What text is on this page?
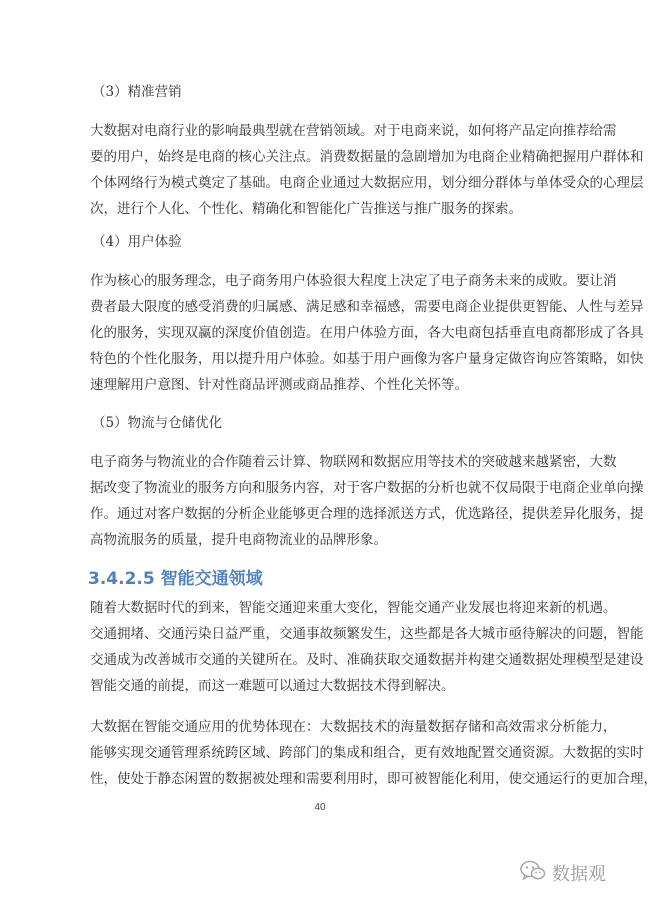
（3）精准营销
大数据对电商行业的影响最典型就在营销领域。对于电商来说，如何将产品定向推荐给需
要的用户，始终是电商的核心关注点。消费数据量的急剧增加为电商企业精确把握用户群体和
个体网络行为模式奠定了基础。电商企业通过大数据应用，划分细分群体与单体受众的心理层
次，进行个人化、个性化、精确化和智能化广告推送与推广服务的探索。
（4）用户体验
作为核心的服务理念，电子商务用户体验很大程度上决定了电子商务未来的成败。要让消
费者最大限度的感受消费的归属感、满足感和幸福感，需要电商企业提供更智能、人性与差异
化的服务，实现双赢的深度价值创造。在用户体验方面，各大电商包括垂直电商都形成了各具
特色的个性化服务，用以提升用户体验。如基于用户画像为客户量身定做咨询应答策略，如快
速理解用户意图、针对性商品评测或商品推荐、个性化关怀等。
（5）物流与仓储优化
电子商务与物流业的合作随着云计算、物联网和数据应用等技术的突破越来越紧密，大数
据改变了物流业的服务方向和服务内容，对于客户数据的分析也就不仅局限于电商企业单向操
作。通过对客户数据的分析企业能够更合理的选择派送方式，优选路径，提供差异化服务，提
高物流服务的质量，提升电商物流业的品牌形象。
3.4.2.5 智能交通领域
随着大数据时代的到来，智能交通迎来重大变化，智能交通产业发展也将迎来新的机遇。
交通拥堵、交通污染日益严重，交通事故频繁发生，这些都是各大城市亟待解决的问题，智能
交通成为改善城市交通的关键所在。及时、准确获取交通数据并构建交通数据处理模型是建设
智能交通的前提，而这一难题可以通过大数据技术得到解决。
大数据在智能交通应用的优势体现在：大数据技术的海量数据存储和高效需求分析能力，
能够实现交通管理系统跨区域、跨部门的集成和组合，更有效地配置交通资源。大数据的实时
性，使处于静态闲置的数据被处理和需要利用时，即可被智能化利用，使交通运行的更加合理，
40
数据观
